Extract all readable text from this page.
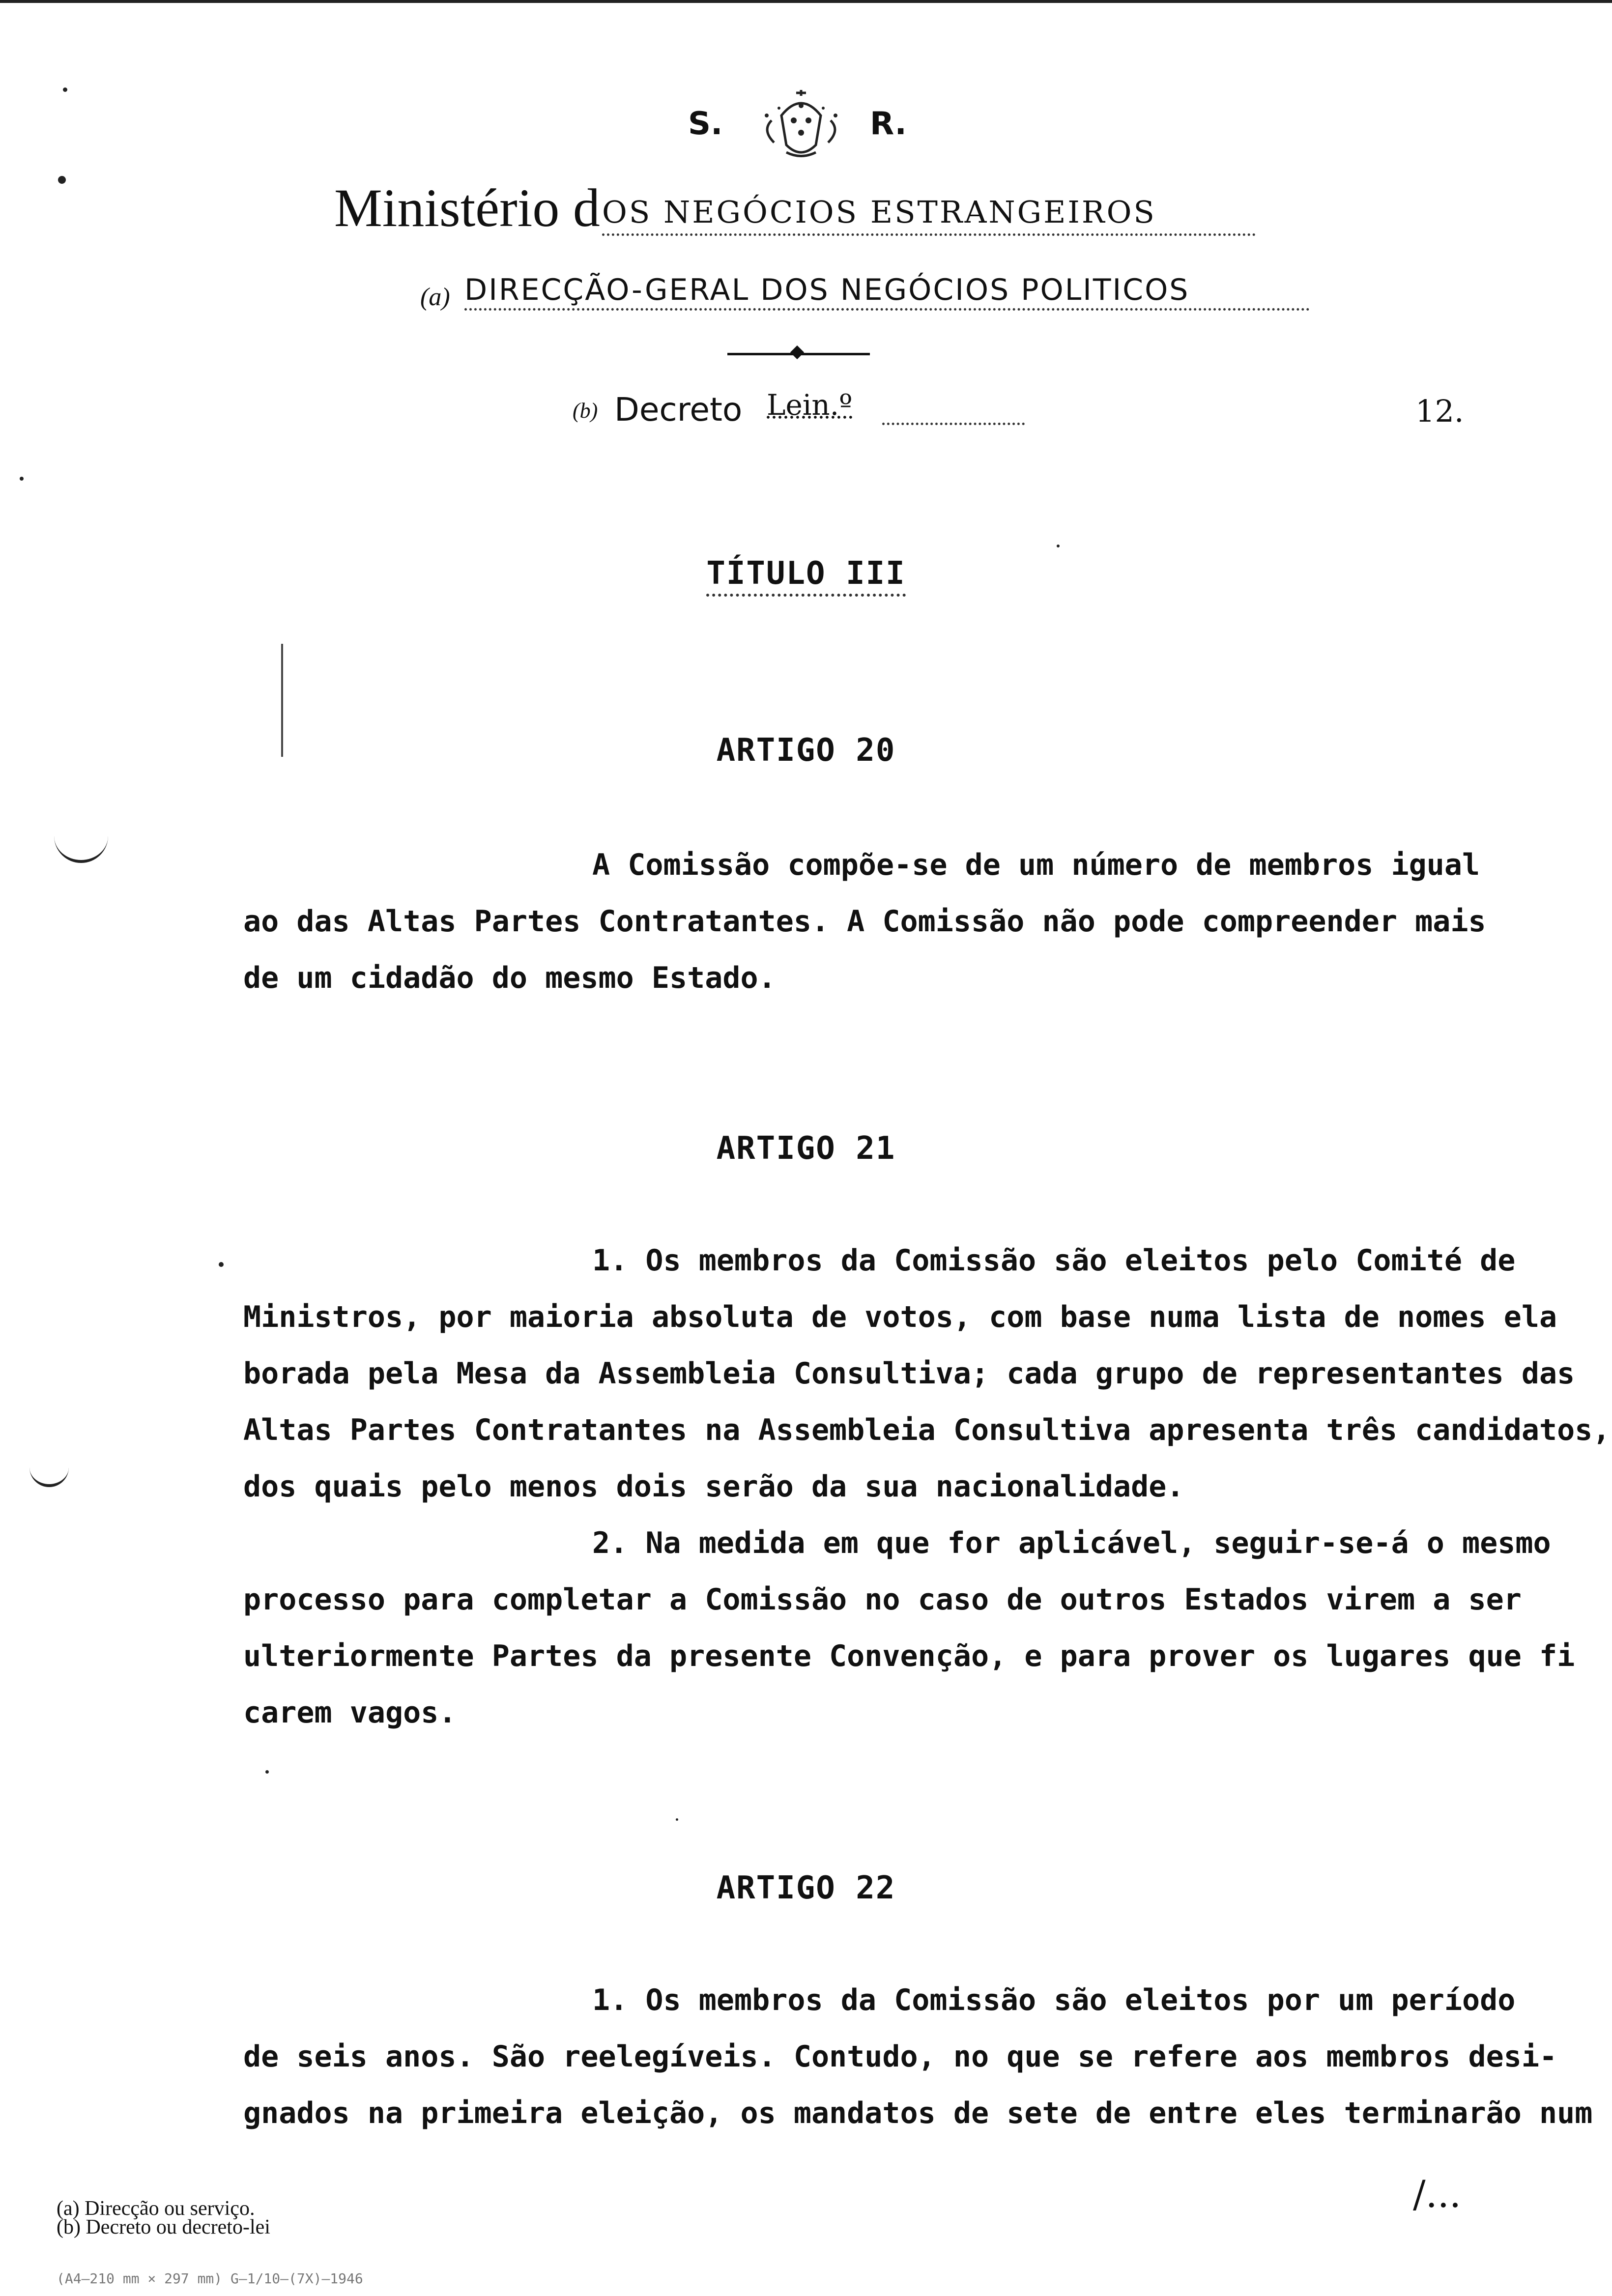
S.	R.
Ministério d OS NEGÓCIOS ESTRANGEIROS
(a) DIRECÇÃO-GERAL DOS NEGÓCIOS POLITICOS
(b) Decreto Lein.º	12.
TÍTULO III
ARTIGO 20
A Comissão compõe-se de um número de membros igual
ao das Altas Partes Contratantes. A Comissão não pode compreender mais
de um cidadão do mesmo Estado.
ARTIGO 21
1. Os membros da Comissão são eleitos pelo Comité de
Ministros, por maioria absoluta de votos, com base numa lista de nomes ela
borada pela Mesa da Assembleia Consultiva; cada grupo de representantes das
Altas Partes Contratantes na Assembleia Consultiva apresenta três candidatos,
dos quais pelo menos dois serão da sua nacionalidade.
2. Na medida em que for aplicável, seguir-se-á o mesmo
processo para completar a Comissão no caso de outros Estados virem a ser
ulteriormente Partes da presente Convenção, e para prover os lugares que fi
carem vagos.
ARTIGO 22
1. Os membros da Comissão são eleitos por um período
de seis anos. São reelegíveis. Contudo, no que se refere aos membros desi-
gnados na primeira eleição, os mandatos de sete de entre eles terminarão num
/...
(a) Direcção ou serviço.
(b) Decreto ou decreto-lei
(A4—210 mm × 297 mm) G—1/10—(7X)—1946
